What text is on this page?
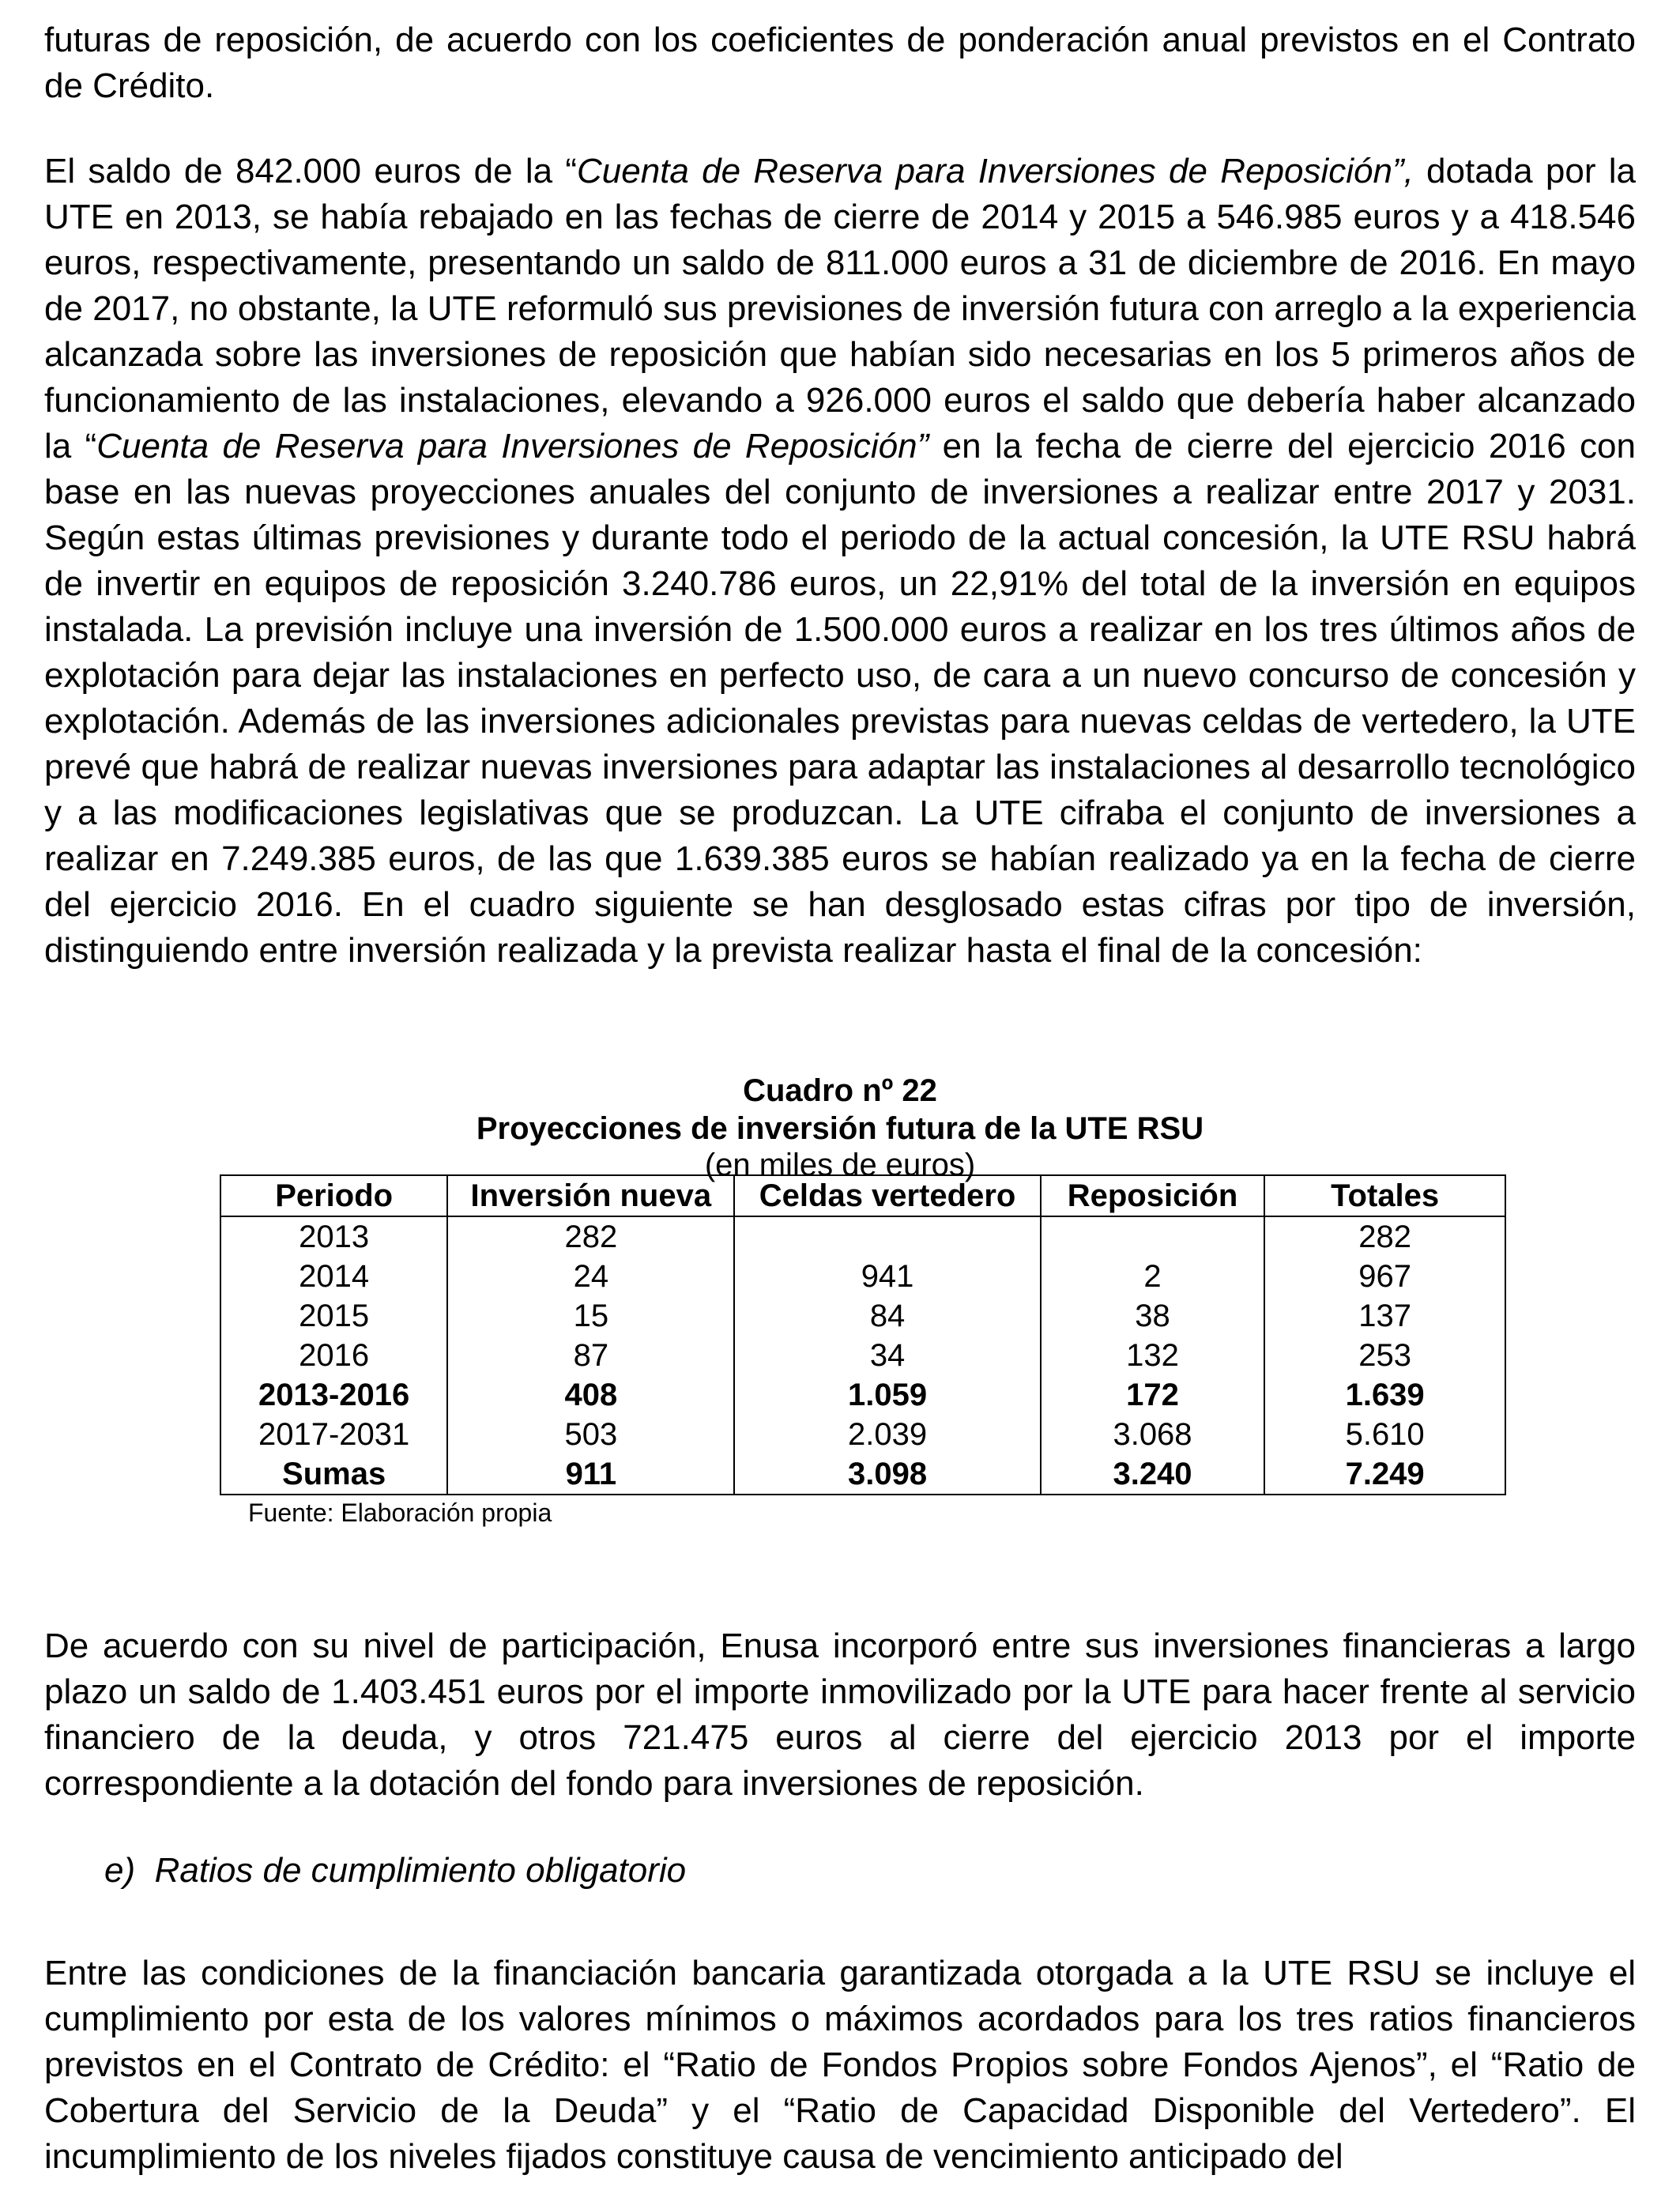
futuras de reposición, de acuerdo con los coeficientes de ponderación anual previstos en el Contrato de Crédito.

El saldo de 842.000 euros de la “Cuenta de Reserva para Inversiones de Reposición”, dotada por la UTE en 2013, se había rebajado en las fechas de cierre de 2014 y 2015 a 546.985 euros y a 418.546 euros, respectivamente, presentando un saldo de 811.000 euros a 31 de diciembre de 2016. En mayo de 2017, no obstante, la UTE reformuló sus previsiones de inversión futura con arreglo a la experiencia alcanzada sobre las inversiones de reposición que habían sido necesarias en los 5 primeros años de funcionamiento de las instalaciones, elevando a 926.000 euros el saldo que debería haber alcanzado la “Cuenta de Reserva para Inversiones de Reposición” en la fecha de cierre del ejercicio 2016 con base en las nuevas proyecciones anuales del conjunto de inversiones a realizar entre 2017 y 2031. Según estas últimas previsiones y durante todo el periodo de la actual concesión, la UTE RSU habrá de invertir en equipos de reposición 3.240.786 euros, un 22,91% del total de la inversión en equipos instalada. La previsión incluye una inversión de 1.500.000 euros a realizar en los tres últimos años de explotación para dejar las instalaciones en perfecto uso, de cara a un nuevo concurso de concesión y explotación. Además de las inversiones adicionales previstas para nuevas celdas de vertedero, la UTE prevé que habrá de realizar nuevas inversiones para adaptar las instalaciones al desarrollo tecnológico y a las modificaciones legislativas que se produzcan. La UTE cifraba el conjunto de inversiones a realizar en 7.249.385 euros, de las que 1.639.385 euros se habían realizado ya en la fecha de cierre del ejercicio 2016. En el cuadro siguiente se han desglosado estas cifras por tipo de inversión, distinguiendo entre inversión realizada y la prevista realizar hasta el final de la concesión:

Cuadro nº 22
Proyecciones de inversión futura de la UTE RSU
(en miles de euros)
Periodo	Inversión nueva	Celdas vertedero	Reposición	Totales
2013	282			282
2014	24	941	2	967
2015	15	84	38	137
2016	87	34	132	253
2013-2016	408	1.059	172	1.639
2017-2031	503	2.039	3.068	5.610
Sumas	911	3.098	3.240	7.249
Fuente: Elaboración propia

De acuerdo con su nivel de participación, Enusa incorporó entre sus inversiones financieras a largo plazo un saldo de 1.403.451 euros por el importe inmovilizado por la UTE para hacer frente al servicio financiero de la deuda, y otros 721.475 euros al cierre del ejercicio 2013 por el importe correspondiente a la dotación del fondo para inversiones de reposición.

e)  Ratios de cumplimiento obligatorio

Entre las condiciones de la financiación bancaria garantizada otorgada a la UTE RSU se incluye el cumplimiento por esta de los valores mínimos o máximos acordados para los tres ratios financieros previstos en el Contrato de Crédito: el “Ratio de Fondos Propios sobre Fondos Ajenos”, el “Ratio de Cobertura del Servicio de la Deuda” y el “Ratio de Capacidad Disponible del Vertedero”. El incumplimiento de los niveles fijados constituye causa de vencimiento anticipado del
